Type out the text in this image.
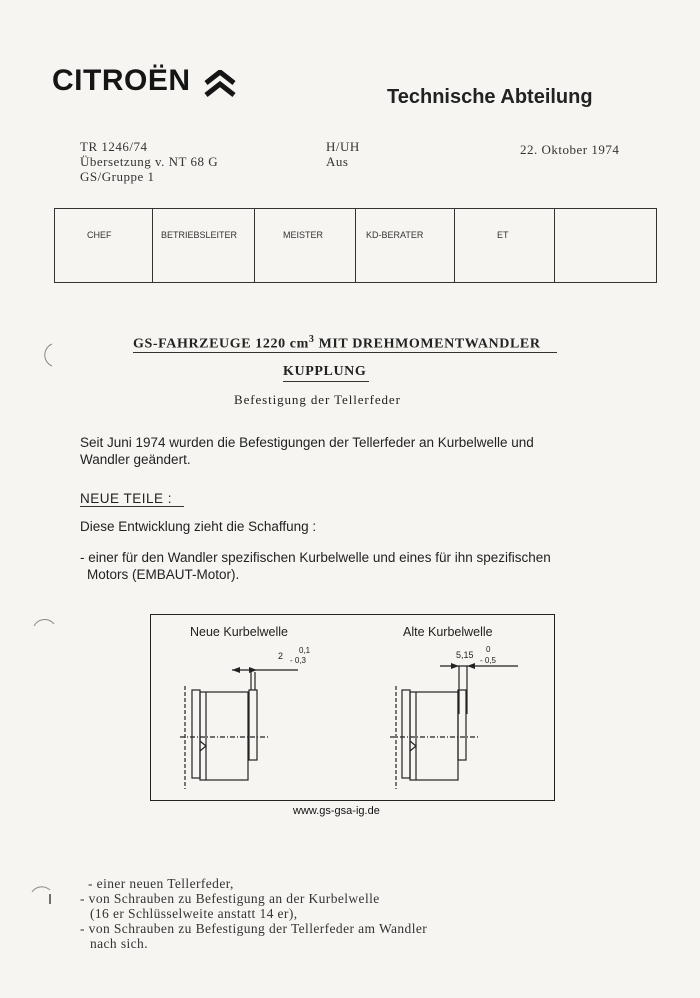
CITROËN	Technische Abteilung
TR 1246/74
Übersetzung v. NT 68 G
GS/Gruppe 1
H/UH
Aus
22. Oktober 1974
CHEF	BETRIEBSLEITER	MEISTER	KD-BERATER	ET
GS-FAHRZEUGE 1220 $cm^3$ MIT DREHMOMENTWANDLER
KUPPLUNG
Befestigung der Tellerfeder
Seit Juni 1974 wurden die Befestigungen der Tellerfeder an Kurbelwelle und
Wandler geändert.
NEUE TEILE :
Diese Entwicklung zieht die Schaffung :
- einer für den Wandler spezifischen Kurbelwelle und eines für ihn spezifischen
Motors (EMBAUT-Motor).
Neue Kurbelwelle	Alte Kurbelwelle
2
0,1
- 0,3
5,15
0
- 0,5
www.gs-gsa-ig.de
- einer neuen Tellerfeder,
- von Schrauben zu Befestigung an der Kurbelwelle
(16 er Schlüsselweite anstatt 14 er),
- von Schrauben zu Befestigung der Tellerfeder am Wandler
nach sich.
